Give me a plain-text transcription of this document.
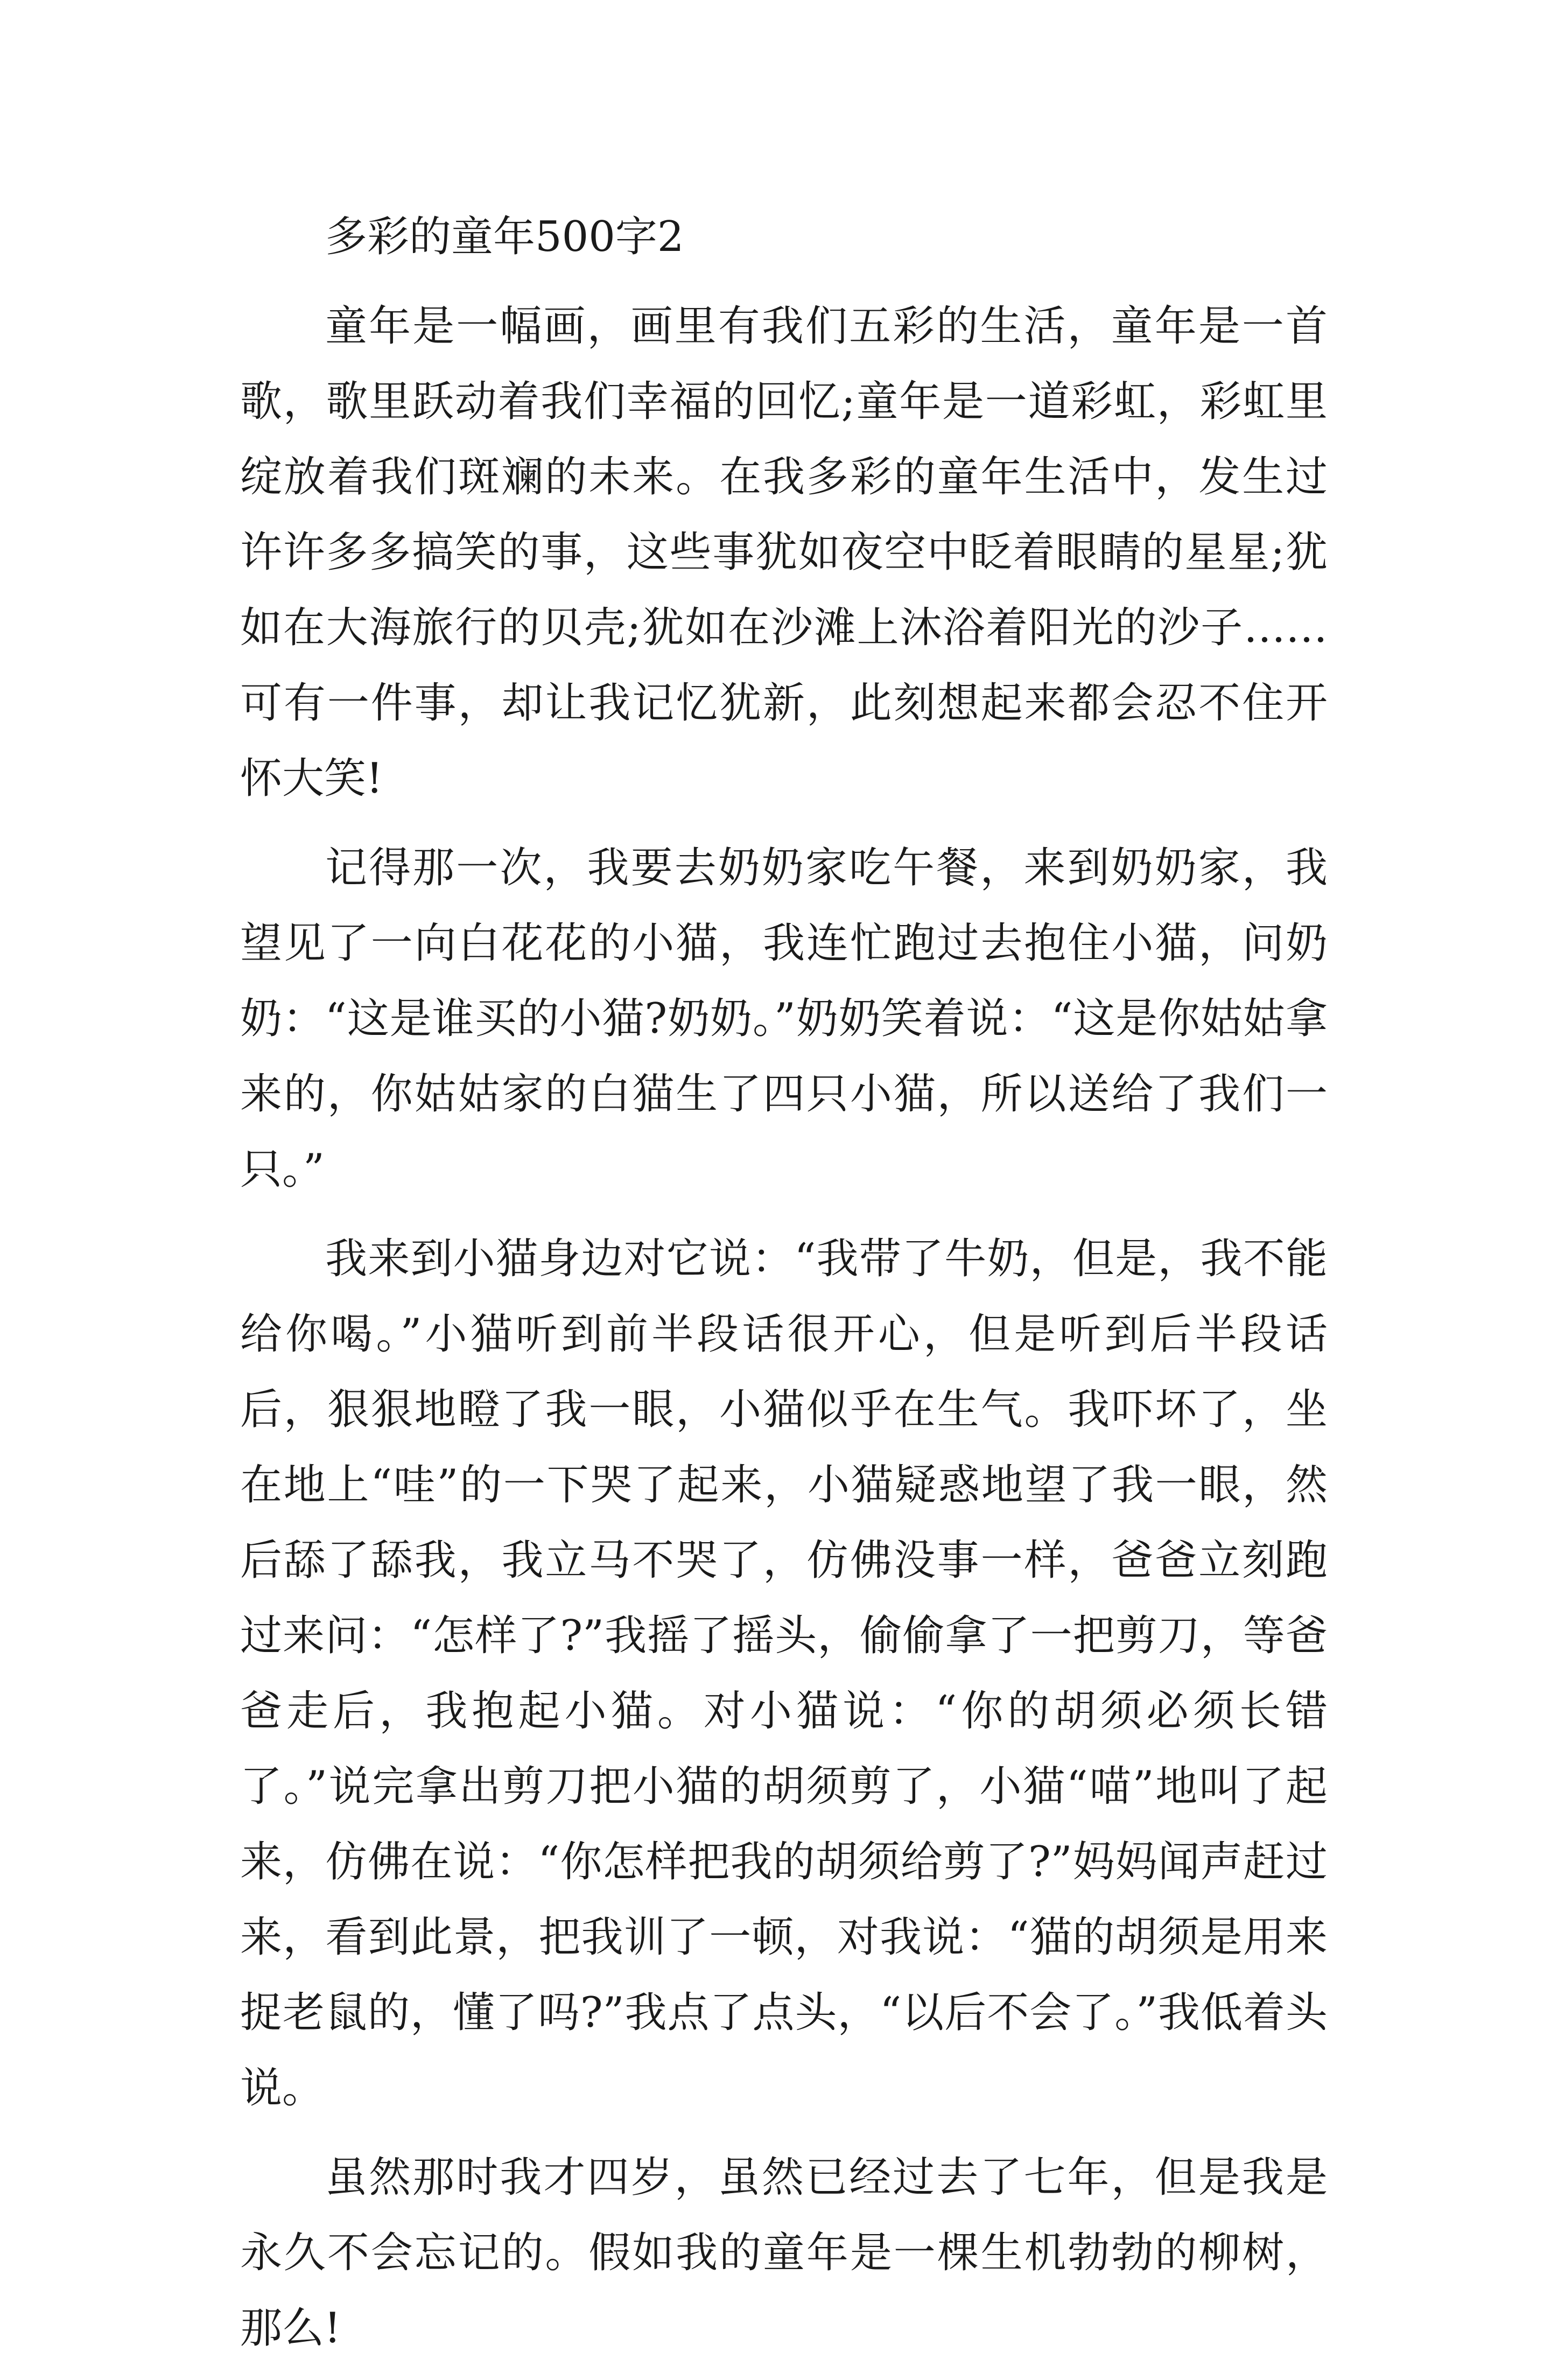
多彩的童年500字2

童年是一幅画，画里有我们五彩的生活，童年是一首歌，歌里跃动着我们幸福的回忆;童年是一道彩虹，彩虹里绽放着我们斑斓的未来。在我多彩的童年生活中，发生过许许多多搞笑的事，这些事犹如夜空中眨着眼睛的星星;犹如在大海旅行的贝壳;犹如在沙滩上沐浴着阳光的沙子……可有一件事，却让我记忆犹新，此刻想起来都会忍不住开怀大笑!

记得那一次，我要去奶奶家吃午餐，来到奶奶家，我望见了一向白花花的小猫，我连忙跑过去抱住小猫，问奶奶：“这是谁买的小猫?奶奶。”奶奶笑着说：“这是你姑姑拿来的，你姑姑家的白猫生了四只小猫，所以送给了我们一只。”

我来到小猫身边对它说：“我带了牛奶，但是，我不能给你喝。”小猫听到前半段话很开心，但是听到后半段话后，狠狠地瞪了我一眼，小猫似乎在生气。我吓坏了，坐在地上“哇”的一下哭了起来，小猫疑惑地望了我一眼，然后舔了舔我，我立马不哭了，仿佛没事一样，爸爸立刻跑过来问：“怎样了?”我摇了摇头，偷偷拿了一把剪刀，等爸爸走后，我抱起小猫。对小猫说：“你的胡须必须长错了。”说完拿出剪刀把小猫的胡须剪了，小猫“喵”地叫了起来，仿佛在说：“你怎样把我的胡须给剪了?”妈妈闻声赶过来，看到此景，把我训了一顿，对我说：“猫的胡须是用来捉老鼠的，懂了吗?”我点了点头，“以后不会了。”我低着头说。

虽然那时我才四岁，虽然已经过去了七年，但是我是永久不会忘记的。假如我的童年是一棵生机勃勃的柳树，那么!
